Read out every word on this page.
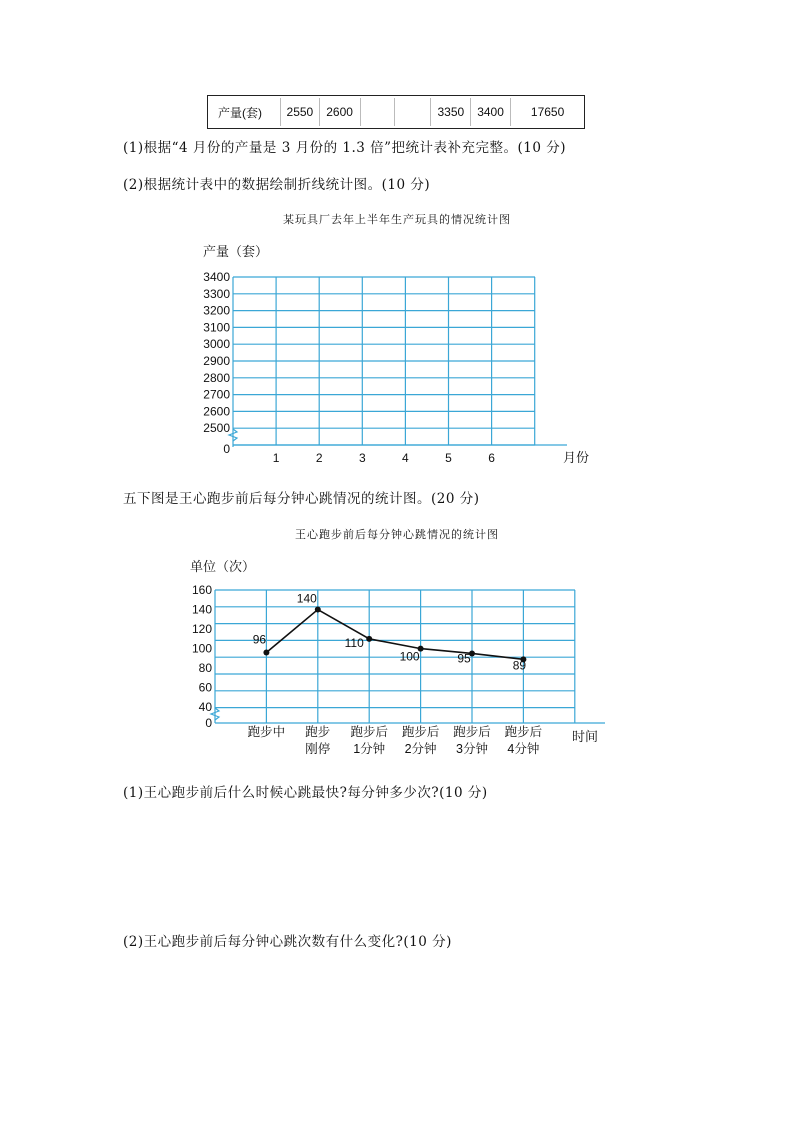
产量(套)	2550	2600			3350	3400	17650
(1)根据“4 月份的产量是 3 月份的 1.3 倍”把统计表补充完整。(10 分)
(2)根据统计表中的数据绘制折线统计图。(10 分)
某玩具厂去年上半年生产玩具的情况统计图
产量（套）
月份
3400
3300
3200
3100
3000
2900
2800
2700
2600
2500
0
1	2	3	4	5	6
五下图是王心跑步前后每分钟心跳情况的统计图。(20 分)
王心跑步前后每分钟心跳情况的统计图
单位（次）
时间
160
140
120
100
80
60
40
0
跑步中 跑步
刚停
跑步后
1分钟
跑步后
2分钟
跑步后
3分钟
跑步后
4分钟
96
140
110
100	95	89
(1)王心跑步前后什么时候心跳最快?每分钟多少次?(10 分)
(2)王心跑步前后每分钟心跳次数有什么变化?(10 分)
